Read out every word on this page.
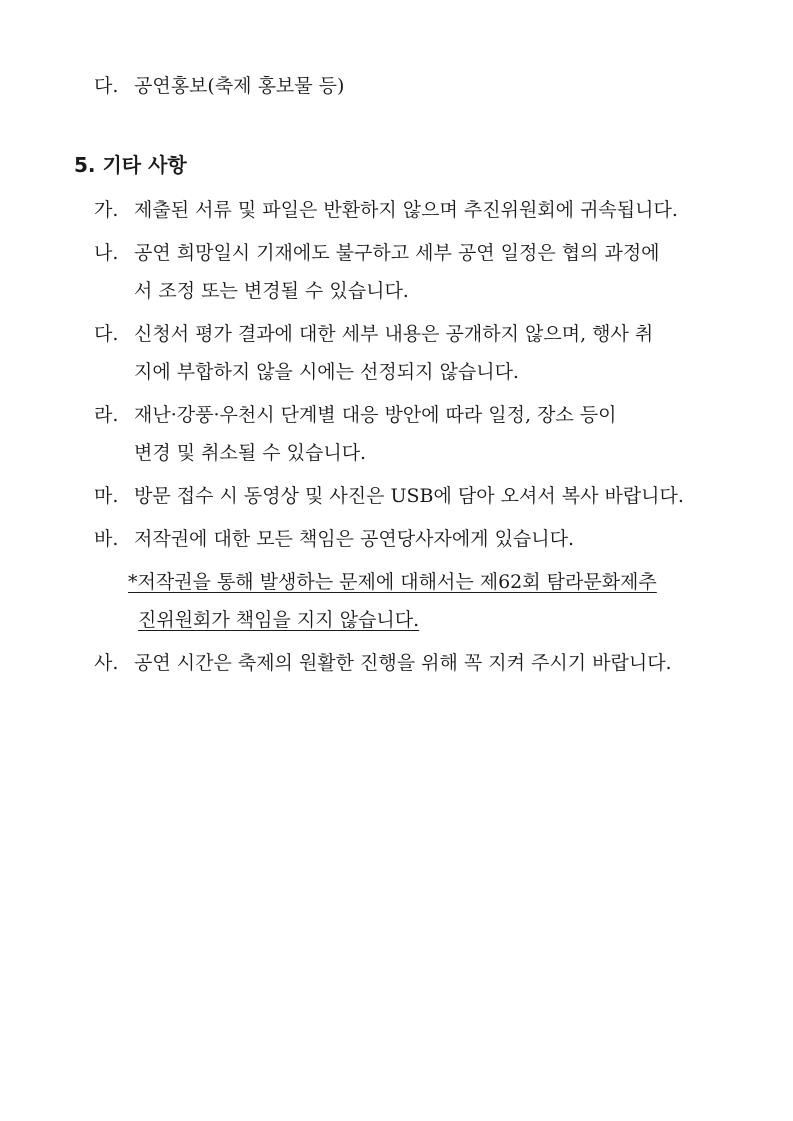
다. 공연홍보(축제 홍보물 등)
5. 기타 사항
가. 제출된 서류 및 파일은 반환하지 않으며 추진위원회에 귀속됩니다.
나. 공연 희망일시 기재에도 불구하고 세부 공연 일정은 협의 과정에
서 조정 또는 변경될 수 있습니다.
다. 신청서 평가 결과에 대한 세부 내용은 공개하지 않으며, 행사 취
지에 부합하지 않을 시에는 선정되지 않습니다.
라. 재난·강풍·우천시 단계별 대응 방안에 따라 일정, 장소 등이
변경 및 취소될 수 있습니다.
마. 방문 접수 시 동영상 및 사진은 USB에 담아 오셔서 복사 바랍니다.
바. 저작권에 대한 모든 책임은 공연당사자에게 있습니다.
*저작권을 통해 발생하는 문제에 대해서는 제62회 탐라문화제추
진위원회가 책임을 지지 않습니다.
사. 공연 시간은 축제의 원활한 진행을 위해 꼭 지켜 주시기 바랍니다.
